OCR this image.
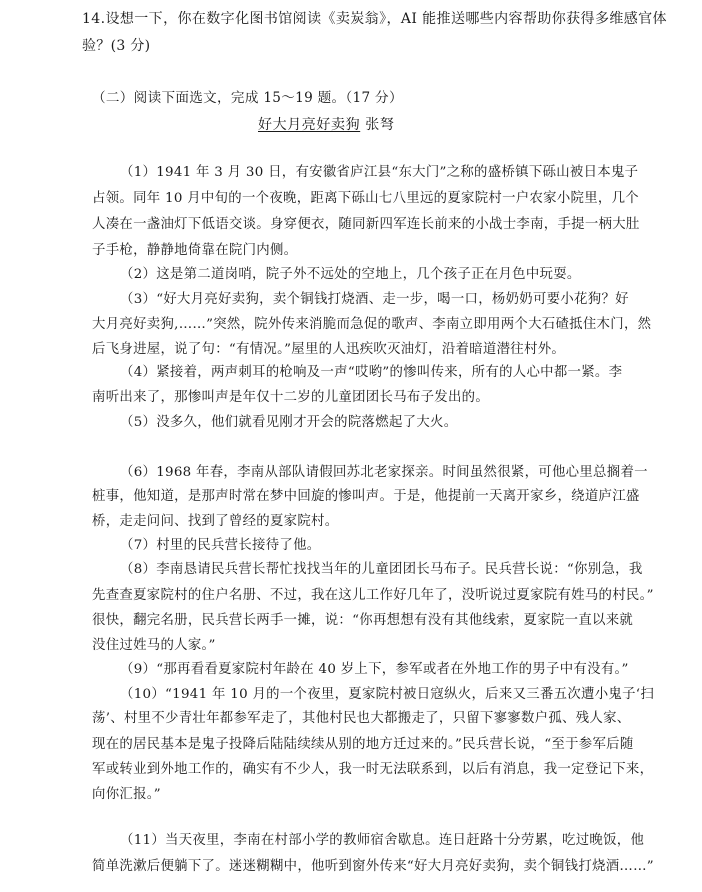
14.设想一下，你在数字化图书馆阅读《卖炭翁》，AI 能推送哪些内容帮助你获得多维感官体
验？(3 分)
（二）阅读下面选文，完成 15～19 题。（17 分）
好大月亮好卖狗 张弩
（1）1941 年 3 月 30 日，有安徽省庐江县“东大门”之称的盛桥镇下砾山被日本鬼子
占领。同年 10 月中旬的一个夜晚，距离下砾山七八里远的夏家院村一户农家小院里，几个
人凑在一盏油灯下低语交谈。身穿便衣，随同新四军连长前来的小战士李南，手提一柄大肚
子手枪，静静地倚靠在院门内侧。
（2）这是第二道岗哨，院子外不远处的空地上，几个孩子正在月色中玩耍。
（3）“好大月亮好卖狗，卖个铜钱打烧酒、走一步，喝一口，杨奶奶可要小花狗？好
大月亮好卖狗,……”突然，院外传来消脆而急促的歌声、李南立即用两个大石碴抵住木门，然
后飞身进屋，说了句：“有情况。”屋里的人迅疾吹灭油灯，沿着暗道潜往村外。
（4）紧接着，两声刺耳的枪响及一声“哎哟”的惨叫传来，所有的人心中都一紧。李
南听出来了，那惨叫声是年仅十二岁的儿童团团长马布子发出的。
（5）没多久，他们就看见刚才开会的院落燃起了大火。
（6）1968 年春，李南从部队请假回苏北老家探亲。时间虽然很紧，可他心里总搁着一
桩事，他知道，是那声时常在梦中回旋的惨叫声。于是，他提前一天离开家乡，绕道庐江盛
桥，走走问问、找到了曾经的夏家院村。
（7）村里的民兵营长接待了他。
（8）李南恳请民兵营长帮忙找找当年的儿童团团长马布子。民兵营长说：“你别急，我
先查查夏家院村的住户名册、不过，我在这儿工作好几年了，没听说过夏家院有姓马的村民。”
很快，翻完名册，民兵营长两手一摊，说：“你再想想有没有其他线索，夏家院一直以来就
没住过姓马的人家。”
（9）“那再看看夏家院村年龄在 40 岁上下，参军或者在外地工作的男子中有没有。”
（10）“1941 年 10 月的一个夜里，夏家院村被日寇纵火，后来又三番五次遭小鬼子‘扫
荡’、村里不少青壮年都参军走了，其他村民也大都搬走了，只留下寥寥数户孤、残人家、
现在的居民基本是鬼子投降后陆陆续续从别的地方迁过来的。”民兵营长说，“至于参军后随
军或转业到外地工作的，确实有不少人，我一时无法联系到，以后有消息，我一定登记下来，
向你汇报。”
（11）当天夜里，李南在村部小学的教师宿舍歇息。连日赶路十分劳累，吃过晚饭，他
简单洗漱后便躺下了。迷迷糊糊中，他听到窗外传来“好大月亮好卖狗，卖个铜钱打烧酒……”
